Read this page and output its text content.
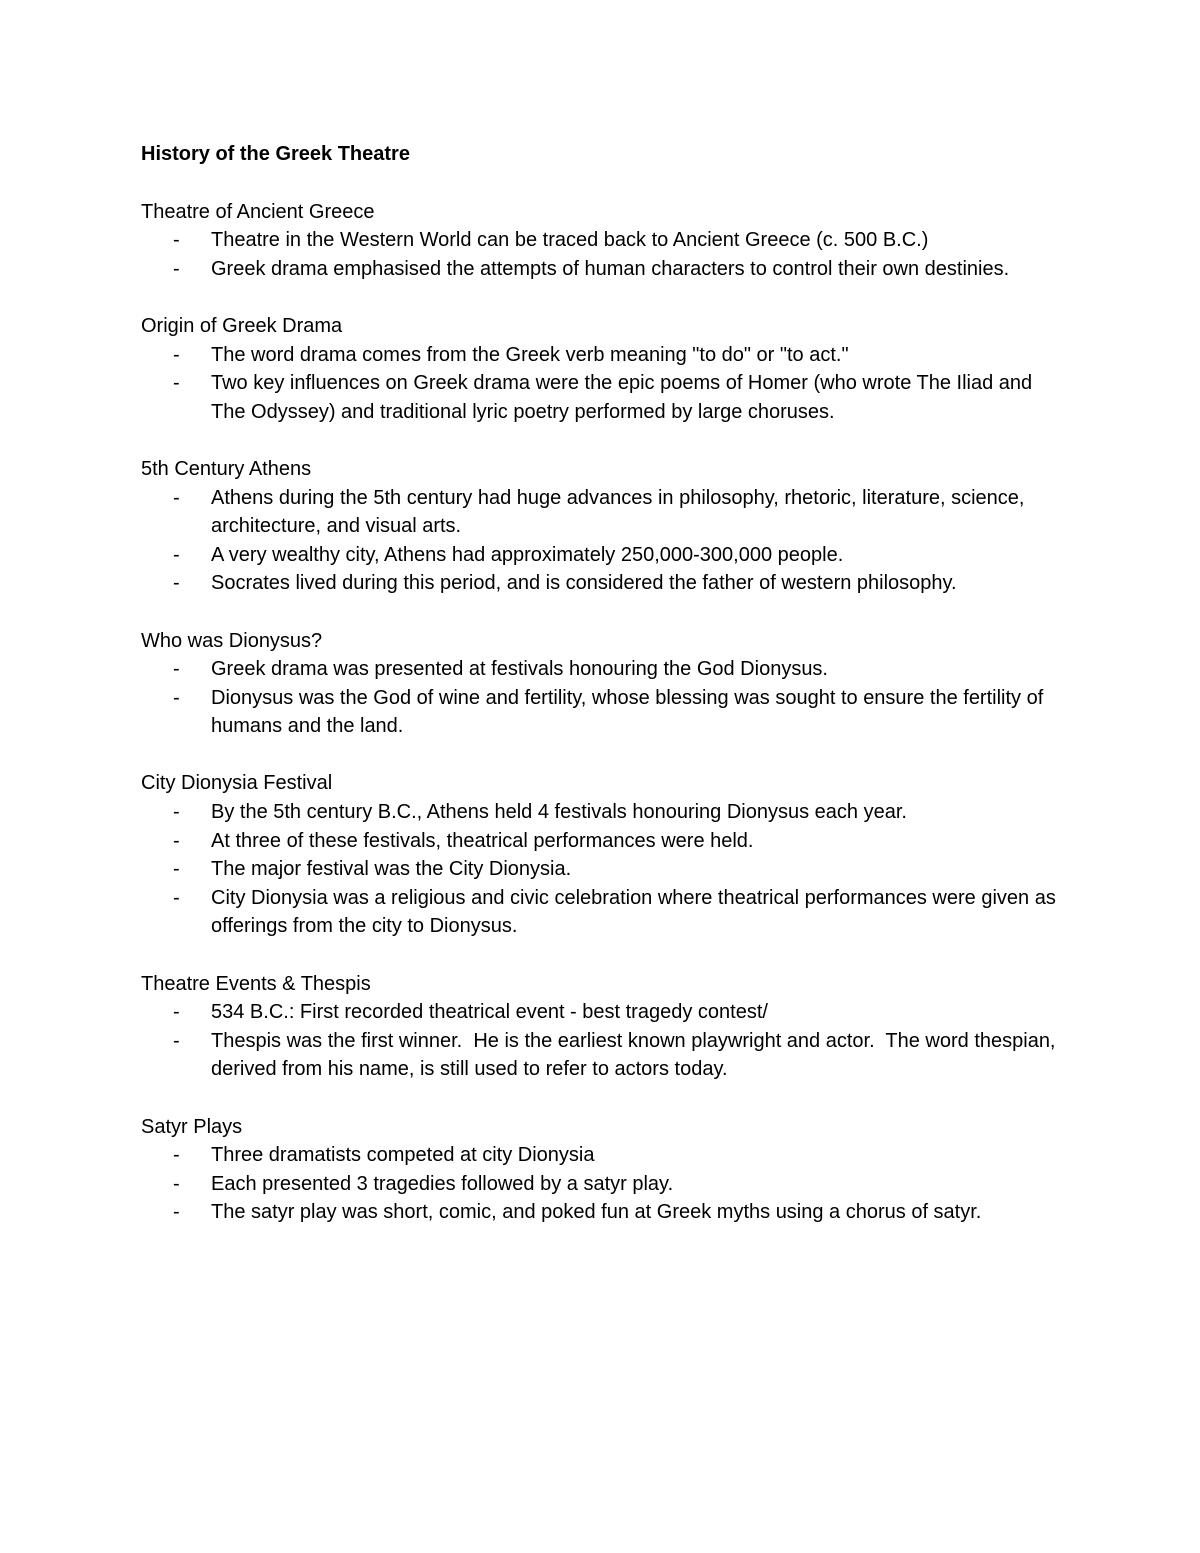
History of the Greek Theatre
Theatre of Ancient Greece
- Theatre in the Western World can be traced back to Ancient Greece (c. 500 B.C.)
- Greek drama emphasised the attempts of human characters to control their own destinies.
Origin of Greek Drama
- The word drama comes from the Greek verb meaning "to do" or "to act."
- Two key influences on Greek drama were the epic poems of Homer (who wrote The Iliad and The Odyssey) and traditional lyric poetry performed by large choruses.
5th Century Athens
- Athens during the 5th century had huge advances in philosophy, rhetoric, literature, science, architecture, and visual arts.
- A very wealthy city, Athens had approximately 250,000-300,000 people.
- Socrates lived during this period, and is considered the father of western philosophy.
Who was Dionysus?
- Greek drama was presented at festivals honouring the God Dionysus.
- Dionysus was the God of wine and fertility, whose blessing was sought to ensure the fertility of humans and the land.
City Dionysia Festival
- By the 5th century B.C., Athens held 4 festivals honouring Dionysus each year.
- At three of these festivals, theatrical performances were held.
- The major festival was the City Dionysia.
- City Dionysia was a religious and civic celebration where theatrical performances were given as offerings from the city to Dionysus.
Theatre Events & Thespis
- 534 B.C.: First recorded theatrical event - best tragedy contest/
- Thespis was the first winner.  He is the earliest known playwright and actor.  The word thespian, derived from his name, is still used to refer to actors today.
Satyr Plays
- Three dramatists competed at city Dionysia
- Each presented 3 tragedies followed by a satyr play.
- The satyr play was short, comic, and poked fun at Greek myths using a chorus of satyr.
